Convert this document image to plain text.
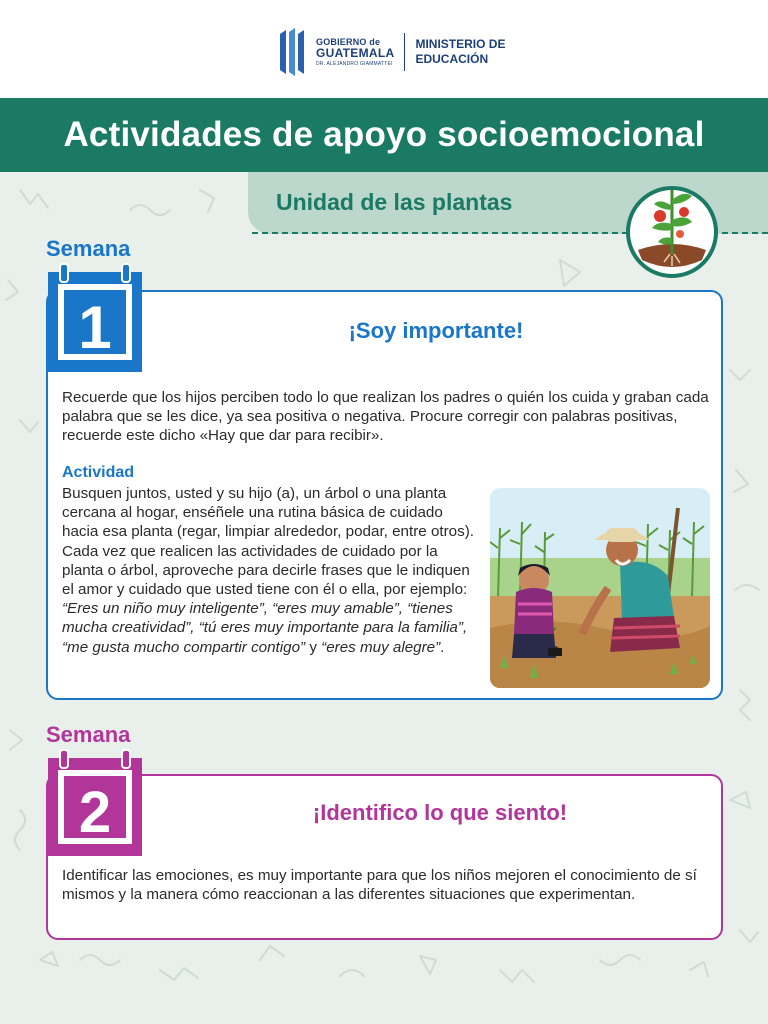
GOBIERNO de
GUATEMALA
DR. ALEJANDRO GIAMMATTEI
MINISTERIO DE
EDUCACIÓN
Actividades de apoyo socioemocional
Unidad de las plantas
Semana
1	¡Soy importante!

Recuerde que los hijos perciben todo lo que realizan los padres o quién los cuida y graban cada palabra que se les dice, ya sea positiva o negativa. Procure corregir con palabras positivas, recuerde este dicho «Hay que dar para recibir».

Actividad

Busquen juntos, usted y su hijo (a), un árbol o una planta cercana al hogar, enséñele una rutina básica de cuidado hacia esa planta (regar, limpiar alrededor, podar, entre otros). Cada vez que realicen las actividades de cuidado por la planta o árbol, aproveche para decirle frases que le indiquen el amor y cuidado que usted tiene con él o ella, por ejemplo: “Eres un niño muy inteligente”, “eres muy amable”, “tienes mucha creatividad”, “tú eres muy importante para la familia”, “me gusta mucho compartir contigo” y “eres muy alegre”.

Semana
2	¡Identifico lo que siento!

Identificar las emociones, es muy importante para que los niños mejoren el conocimiento de sí mismos y la manera cómo reaccionan a las diferentes situaciones que experimentan.
